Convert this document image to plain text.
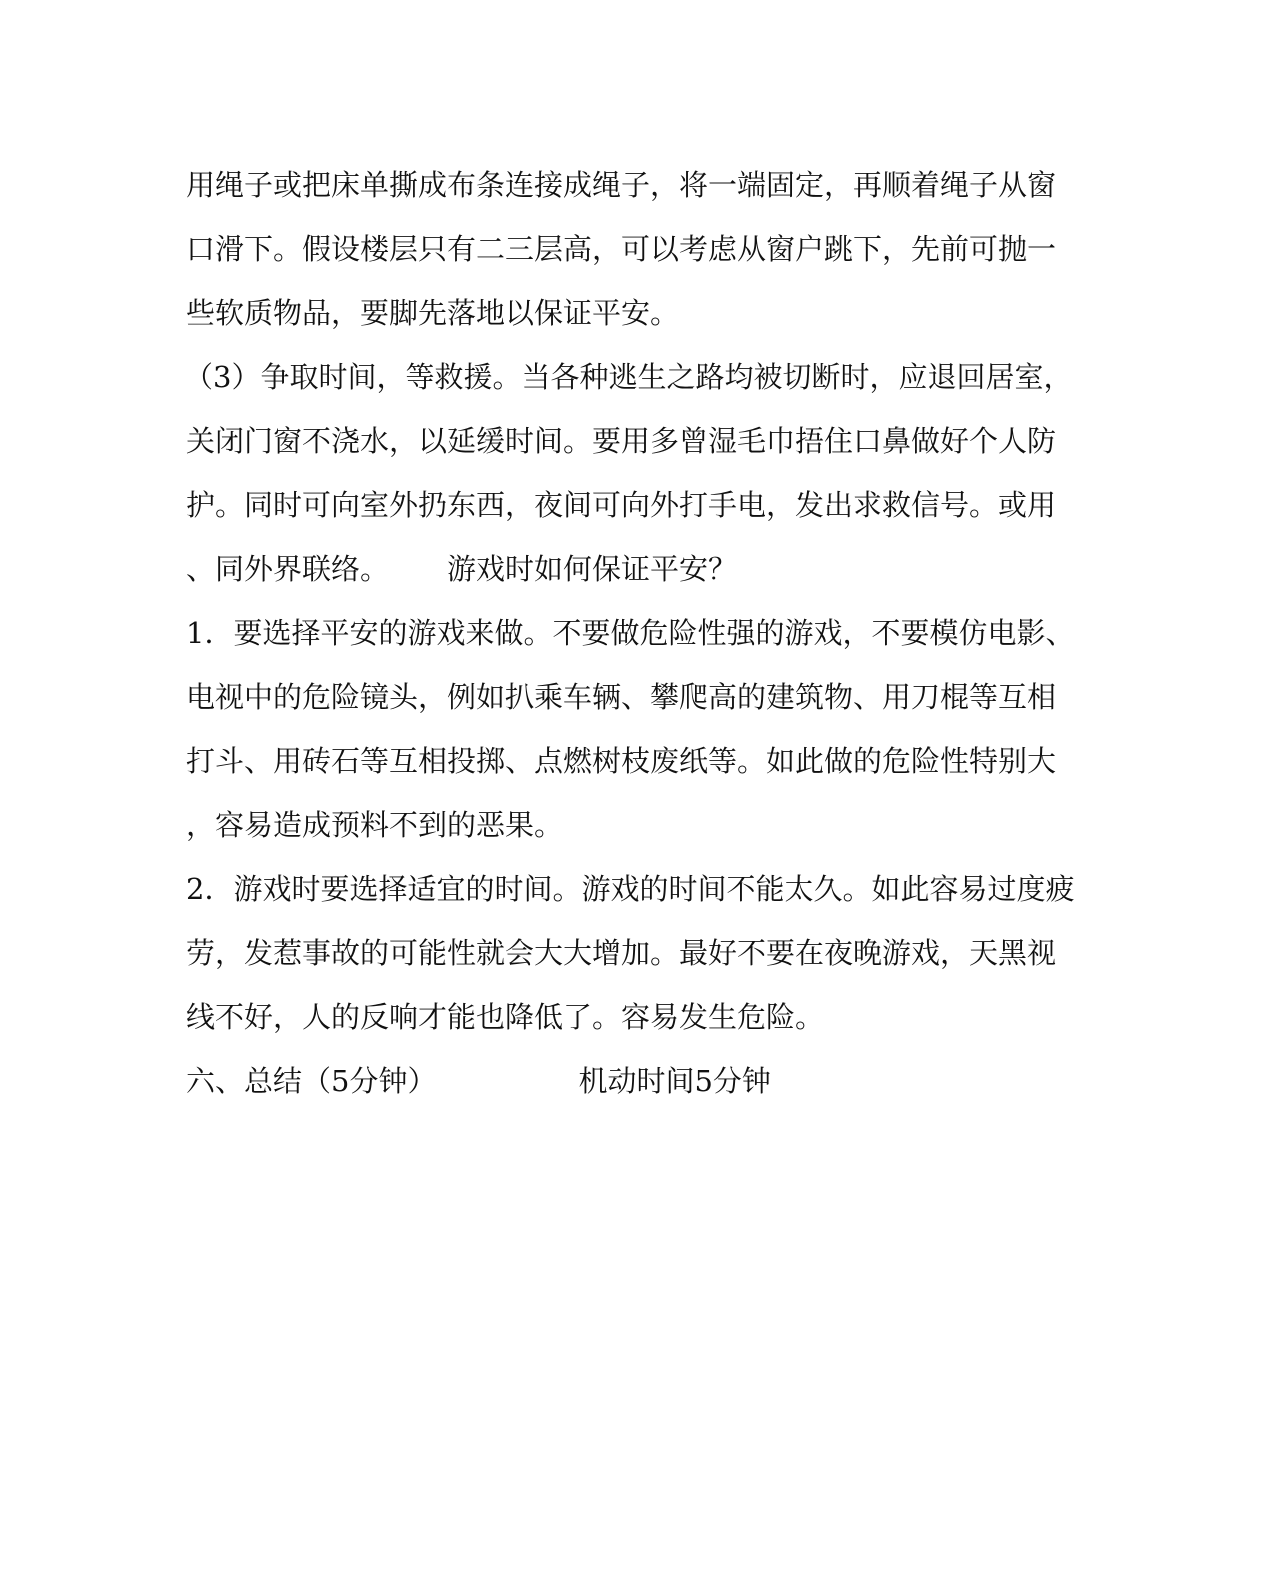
用绳子或把床单撕成布条连接成绳子，将一端固定，再顺着绳子从窗
口滑下。假设楼层只有二三层高，可以考虑从窗户跳下，先前可抛一
些软质物品，要脚先落地以保证平安。
（3）争取时间，等救援。当各种逃生之路均被切断时，应退回居室，
关闭门窗不浇水，以延缓时间。要用多曾湿毛巾捂住口鼻做好个人防
护。同时可向室外扔东西，夜间可向外打手电，发出求救信号。或用
、同外界联络。 游戏时如何保证平安？
1．要选择平安的游戏来做。不要做危险性强的游戏，不要模仿电影、
电视中的危险镜头，例如扒乘车辆、攀爬高的建筑物、用刀棍等互相
打斗、用砖石等互相投掷、点燃树枝废纸等。如此做的危险性特别大
，容易造成预料不到的恶果。
2．游戏时要选择适宜的时间。游戏的时间不能太久。如此容易过度疲
劳，发惹事故的可能性就会大大增加。最好不要在夜晚游戏，天黑视
线不好，人的反响才能也降低了。容易发生危险。
六、总结（5分钟）	机动时间5分钟
